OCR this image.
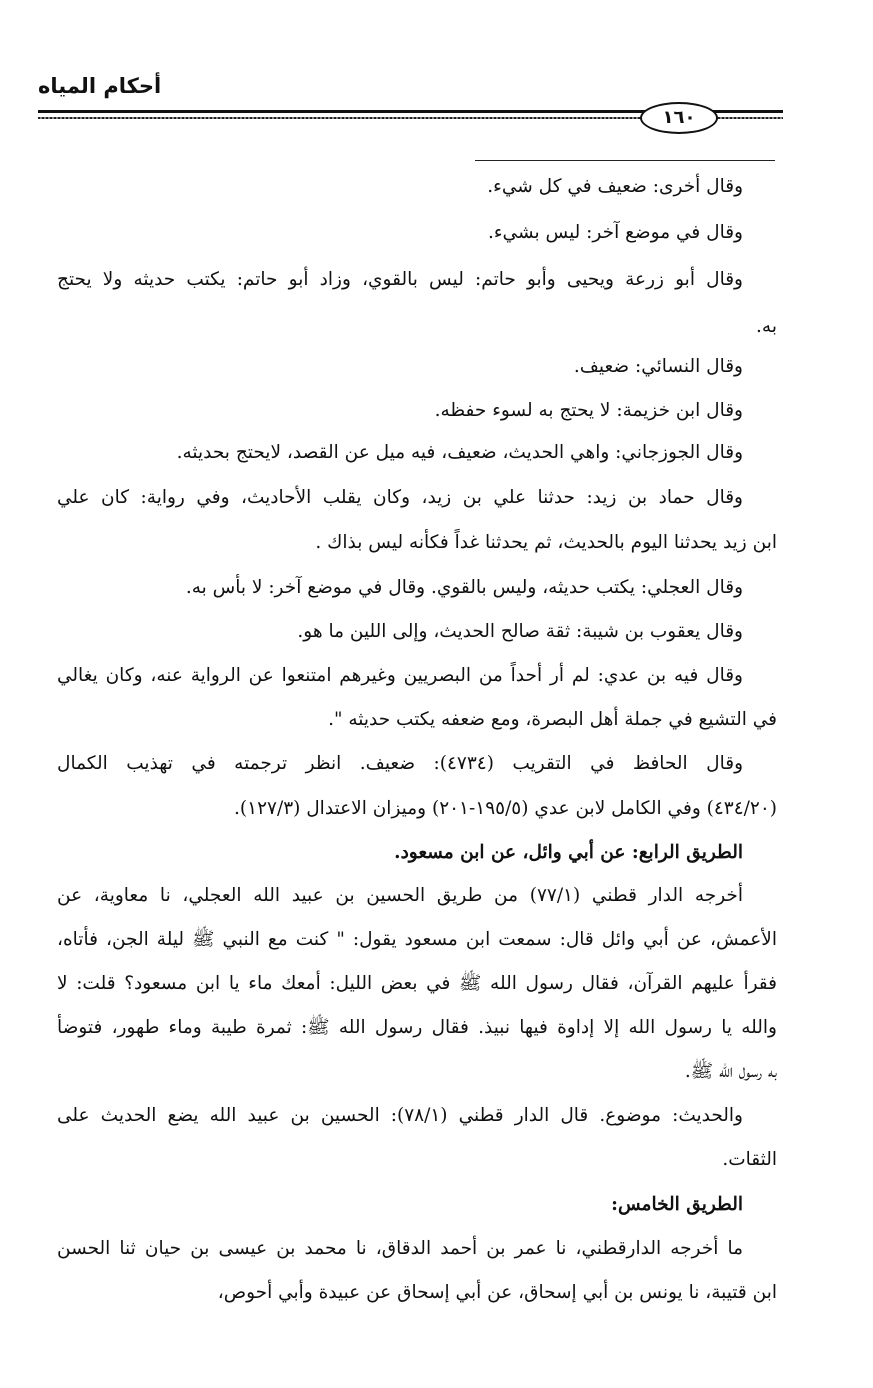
أحكام المياه
١٦٠
وقال أخرى: ضعيف في كل شيء.
وقال في موضع آخر: ليس بشيء.
وقال أبو زرعة ويحيى وأبو حاتم: ليس بالقوي، وزاد أبو حاتم: يكتب حديثه ولا يحتج
به.
وقال النسائي: ضعيف.
وقال ابن خزيمة: لا يحتج به لسوء حفظه.
وقال الجوزجاني: واهي الحديث، ضعيف، فيه ميل عن القصد، لايحتج بحديثه.
وقال حماد بن زيد: حدثنا علي بن زيد، وكان يقلب الأحاديث، وفي رواية: كان علي
ابن زيد يحدثنا اليوم بالحديث، ثم يحدثنا غداً فكأنه ليس بذاك .
وقال العجلي: يكتب حديثه، وليس بالقوي. وقال في موضع آخر: لا بأس به.
وقال يعقوب بن شيبة: ثقة صالح الحديث، وإلى اللين ما هو.
وقال فيه بن عدي: لم أر أحداً من البصريين وغيرهم امتنعوا عن الرواية عنه، وكان يغالي
في التشيع في جملة أهل البصرة، ومع ضعفه يكتب حديثه ".
وقال الحافظ في التقريب (٤٧٣٤): ضعيف. انظر ترجمته في تهذيب الكمال
(٤٣٤/٢٠) وفي الكامل لابن عدي (١٩٥/٥-٢٠١) وميزان الاعتدال (١٢٧/٣).
الطريق الرابع: عن أبي وائل، عن ابن مسعود.
أخرجه الدار قطني (٧٧/١) من طريق الحسين بن عبيد الله العجلي، نا معاوية، عن
الأعمش، عن أبي وائل قال: سمعت ابن مسعود يقول: " كنت مع النبي ﷺ ليلة الجن، فأتاه،
فقرأ عليهم القرآن، فقال رسول الله ﷺ في بعض الليل: أمعك ماء يا ابن مسعود؟ قلت: لا
والله يا رسول الله إلا إداوة فيها نبيذ. فقال رسول الله ﷺ: ثمرة طيبة وماء طهور، فتوضأ
به رسول الله ﷺ.
والحديث: موضوع. قال الدار قطني (٧٨/١): الحسين بن عبيد الله يضع الحديث على
الثقات.
الطريق الخامس:
ما أخرجه الدارقطني، نا عمر بن أحمد الدقاق، نا محمد بن عيسى بن حيان ثنا الحسن
ابن قتيبة، نا يونس بن أبي إسحاق، عن أبي إسحاق عن عبيدة وأبي أحوص،
